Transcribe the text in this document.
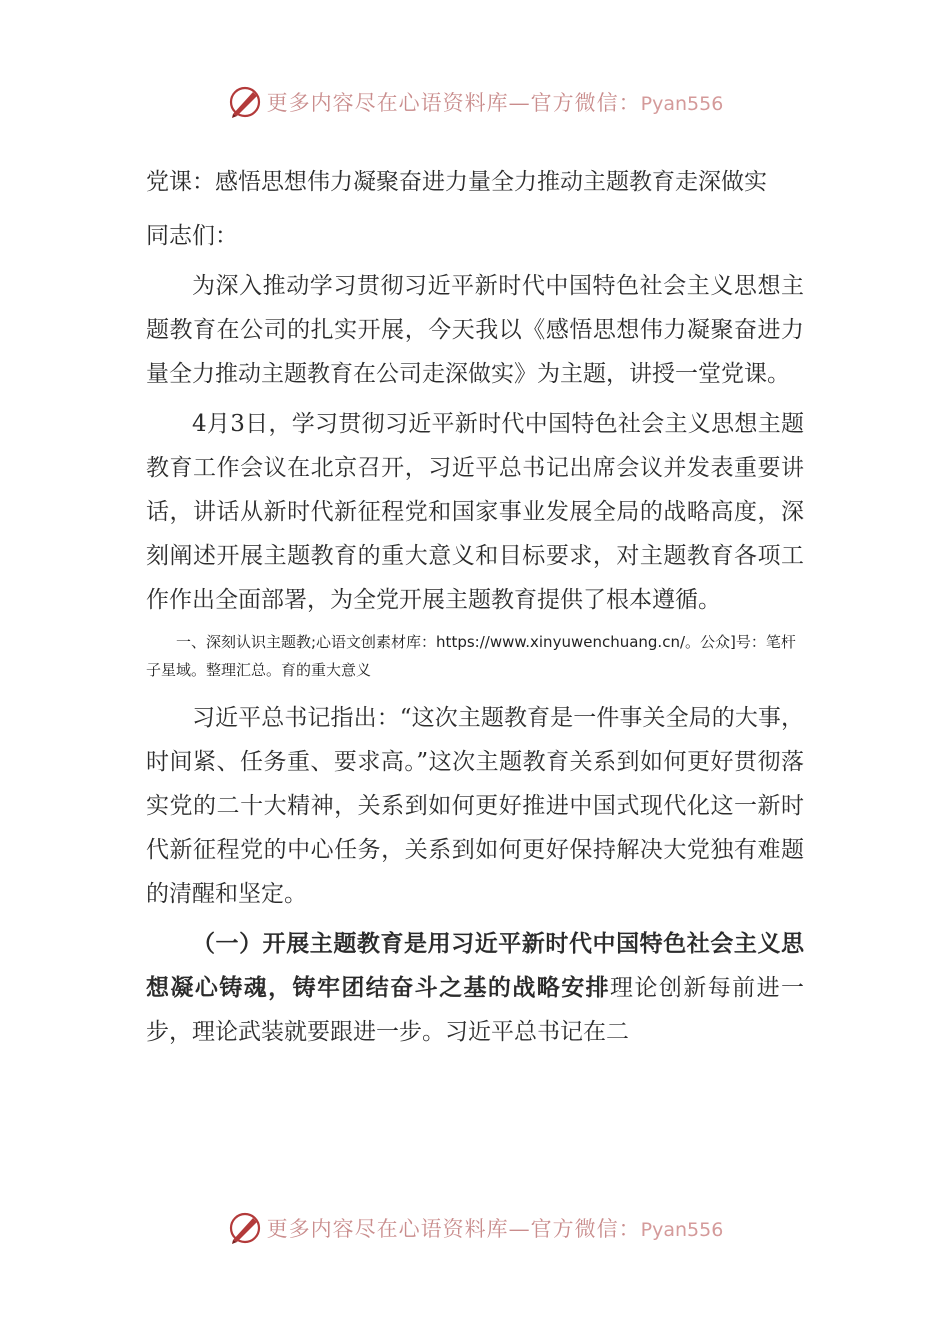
更多内容尽在心语资料库—官方微信：Pyan556
党课：感悟思想伟力凝聚奋进力量全力推动主题教育走深做实
同志们：
为深入推动学习贯彻习近平新时代中国特色社会主义思想主题教育在公司的扎实开展，今天我以《感悟思想伟力凝聚奋进力量全力推动主题教育在公司走深做实》为主题，讲授一堂党课。
4月3日，学习贯彻习近平新时代中国特色社会主义思想主题教育工作会议在北京召开，习近平总书记出席会议并发表重要讲话，讲话从新时代新征程党和国家事业发展全局的战略高度，深刻阐述开展主题教育的重大意义和目标要求，对主题教育各项工作作出全面部署，为全党开展主题教育提供了根本遵循。
一、深刻认识主题教;心语文创素材库：https://www.xinyuwenchuang.cn/。公众]号：笔杆子星域。整理汇总。育的重大意义
习近平总书记指出：“这次主题教育是一件事关全局的大事，时间紧、任务重、要求高。”这次主题教育关系到如何更好贯彻落实党的二十大精神，关系到如何更好推进中国式现代化这一新时代新征程党的中心任务，关系到如何更好保持解决大党独有难题的清醒和坚定。
（一）开展主题教育是用习近平新时代中国特色社会主义思想凝心铸魂，铸牢团结奋斗之基的战略安排理论创新每前进一步，理论武装就要跟进一步。习近平总书记在二
更多内容尽在心语资料库—官方微信：Pyan556
